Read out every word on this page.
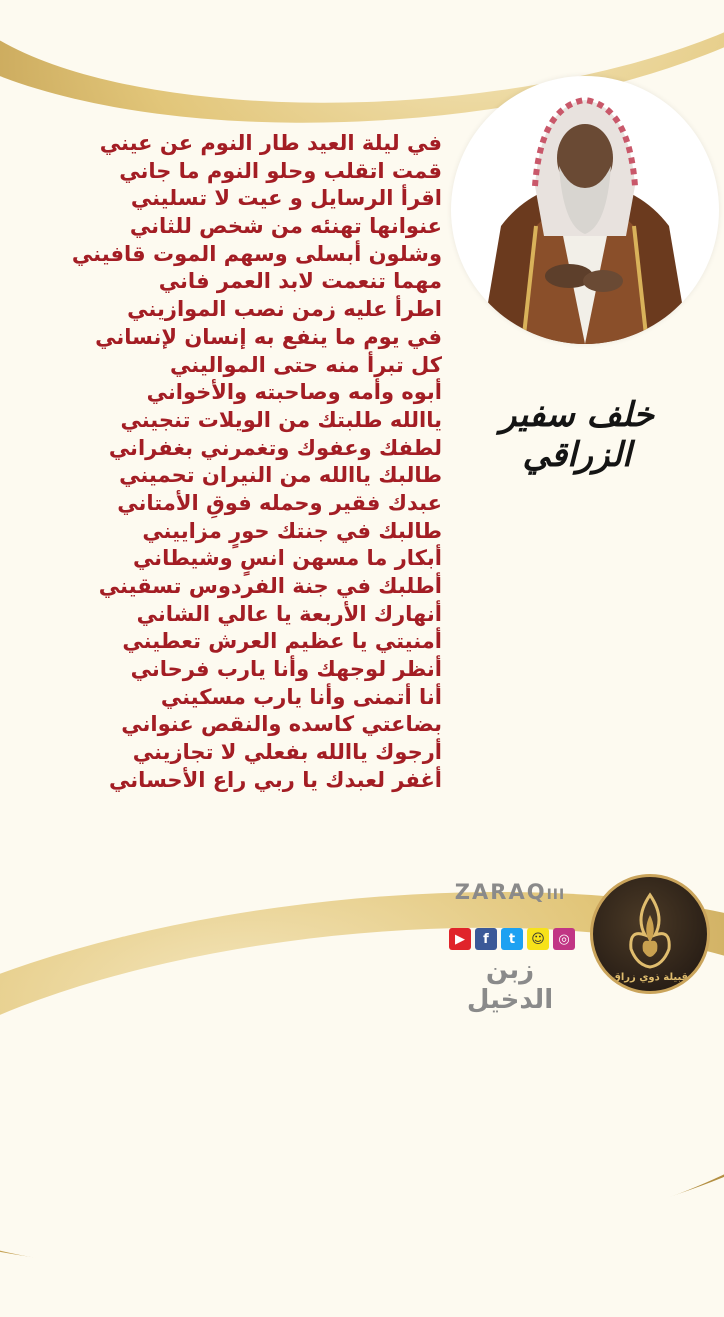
خلف سفير الزراقي
في ليلة العيد طار النوم عن عيني
قمت اتقلب وحلو النوم ما جاني
اقرأ الرسايل و عيت لا تسليني
عنوانها تهنئه من شخص للثاني
وشلون أبسلى وسهم الموت قافيني
مهما تنعمت لابد العمر فاني
اطرأ عليه زمن نصب الموازيني
في يوم ما ينفع به إنسان لإنساني
كل تبرأ منه حتى المواليني
أبوه وأمه وصاحبته والأخواني
ياالله طلبتك من الويلات تنجيني
لطفك وعفوك وتغمرني بغفراني
طالبك ياالله من النيران تحميني
عبدك فقير وحمله فوقِ الأمتاني
طالبك في جنتك حورٍ مزاييني
أبكار ما مسهن انسٍ وشيطاني
أطلبك في جنة الفردوس تسقيني
أنهارك الأربعة يا عالي الشاني
أمنيتي يا عظيم العرش تعطيني
أنظر لوجهك وأنا يارب فرحاني
أنا أتمنى وأنا يارب مسكيني
بضاعتي كاسده والنقص عنواني
أرجوك ياالله بفعلي لا تجازيني
أغفر لعبدك يا ربي راع الأحساني
ZARAQIII
▶	f	t	☺	◎
زبن الدخيل
قبيلة ذوي زراق
